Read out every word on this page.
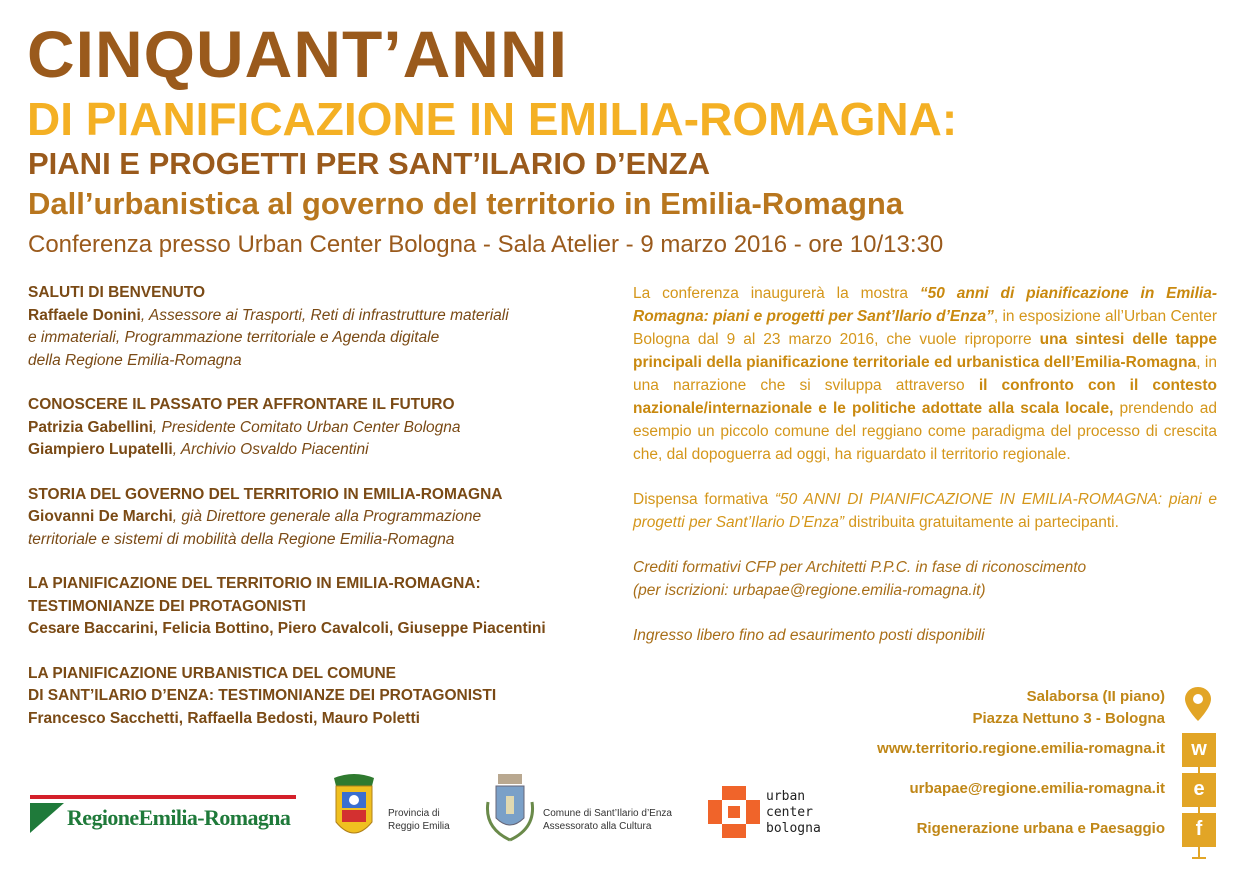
CINQUANT’ANNI
DI PIANIFICAZIONE IN EMILIA-ROMAGNA:
PIANI E PROGETTI PER SANT’ILARIO D’ENZA
Dall’urbanistica al governo del territorio in Emilia-Romagna
Conferenza presso Urban Center Bologna - Sala Atelier - 9 marzo 2016 - ore 10/13:30
SALUTI DI BENVENUTO
Raffaele Donini, Assessore ai Trasporti, Reti di infrastrutture materiali
e immateriali, Programmazione territoriale e Agenda digitale
della Regione Emilia-Romagna
CONOSCERE IL PASSATO PER AFFRONTARE IL FUTURO
Patrizia Gabellini, Presidente Comitato Urban Center Bologna
Giampiero Lupatelli, Archivio Osvaldo Piacentini
STORIA DEL GOVERNO DEL TERRITORIO IN EMILIA-ROMAGNA
Giovanni De Marchi, già Direttore generale alla Programmazione
territoriale e sistemi di mobilità della Regione Emilia-Romagna
LA PIANIFICAZIONE DEL TERRITORIO IN EMILIA-ROMAGNA:
TESTIMONIANZE DEI PROTAGONISTI
Cesare Baccarini, Felicia Bottino, Piero Cavalcoli, Giuseppe Piacentini
LA PIANIFICAZIONE URBANISTICA DEL COMUNE
DI SANT’ILARIO D’ENZA: TESTIMONIANZE DEI PROTAGONISTI
Francesco Sacchetti, Raffaella Bedosti, Mauro Poletti

La conferenza inaugurerà la mostra “50 anni di pianificazione in Emilia-Romagna: piani e progetti per Sant’Ilario d’Enza”, in esposizione all’Urban Center Bologna dal 9 al 23 marzo 2016, che vuole riproporre una sintesi delle tappe principali della pianificazione territoriale ed urbanistica dell’Emilia-Romagna, in una narrazione che si sviluppa attraverso il confronto con il contesto nazionale/internazionale e le politiche adottate alla scala locale, prendendo ad esempio un piccolo comune del reggiano come paradigma del processo di crescita che, dal dopoguerra ad oggi, ha riguardato il territorio regionale.

Dispensa formativa “50 ANNI DI PIANIFICAZIONE IN EMILIA-ROMAGNA: piani e progetti per Sant’Ilario D’Enza” distribuita gratuitamente ai partecipanti.

Crediti formativi CFP per Architetti P.P.C. in fase di riconoscimento
(per iscrizioni: urbapae@regione.emilia-romagna.it)

Ingresso libero fino ad esaurimento posti disponibili

Salaborsa (II piano)
Piazza Nettuno 3 - Bologna
www.territorio.regione.emilia-romagna.it	w
urbapae@regione.emilia-romagna.it	e
Rigenerazione urbana e Paesaggio	f
RegioneEmilia-Romagna	Provincia di
Reggio Emilia
Comune di Sant’Ilario d’Enza
Assessorato alla Cultura
urban
center
bologna
